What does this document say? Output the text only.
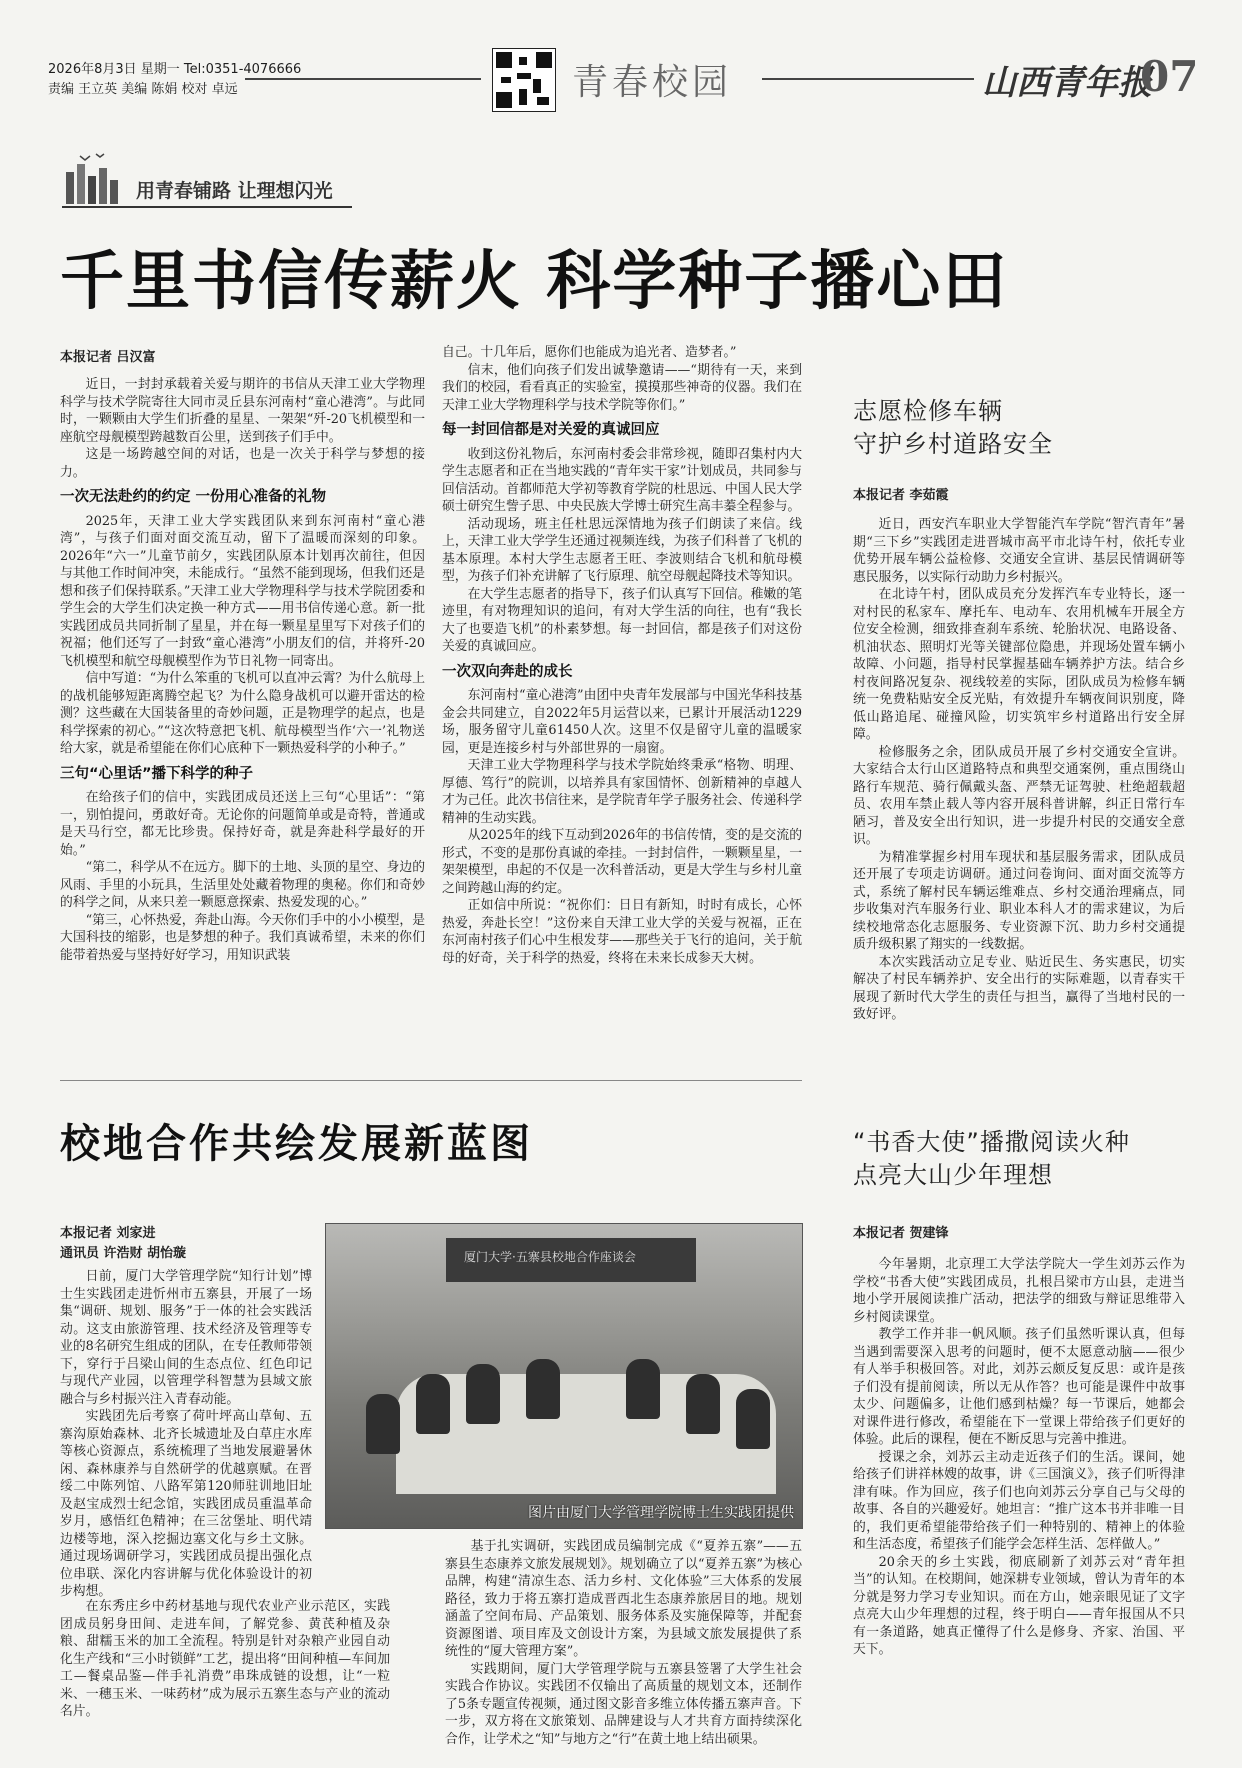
2026年8月3日 星期一 Tel:0351-4076666
责编 王立英 美编 陈娟 校对 卓远	青春校园	山西青年报
07
用青春铺路 让理想闪光
千里书信传薪火 科学种子播心田
本报记者 吕汉富

近日，一封封承载着关爱与期许的书信从天津工业大学物理科学与技术学院寄往大同市灵丘县东河南村“童心港湾”。与此同时，一颗颗由大学生们折叠的星星、一架架“歼-20飞机模型和一座航空母舰模型跨越数百公里，送到孩子们手中。

这是一场跨越空间的对话，也是一次关于科学与梦想的接力。

一次无法赴约的约定 一份用心准备的礼物

2025年，天津工业大学实践团队来到东河南村“童心港湾”，与孩子们面对面交流互动，留下了温暖而深刻的印象。2026年“六一”儿童节前夕，实践团队原本计划再次前往，但因与其他工作时间冲突，未能成行。“虽然不能到现场，但我们还是想和孩子们保持联系。”天津工业大学物理科学与技术学院团委和学生会的大学生们决定换一种方式——用书信传递心意。新一批实践团成员共同折制了星星，并在每一颗星星里写下对孩子们的祝福；他们还写了一封致“童心港湾”小朋友们的信，并将歼-20飞机模型和航空母舰模型作为节日礼物一同寄出。

信中写道：“为什么笨重的飞机可以直冲云霄？为什么航母上的战机能够短距离腾空起飞？为什么隐身战机可以避开雷达的检测？这些藏在大国装备里的奇妙问题，正是物理学的起点，也是科学探索的初心。”“这次特意把飞机、航母模型当作‘六一’礼物送给大家，就是希望能在你们心底种下一颗热爱科学的小种子。”

三句“心里话”播下科学的种子

在给孩子们的信中，实践团成员还送上三句“心里话”：“第一，别怕提问，勇敢好奇。无论你的问题简单或是奇特，普通或是天马行空，都无比珍贵。保持好奇，就是奔赴科学最好的开始。”

“第二，科学从不在远方。脚下的土地、头顶的星空、身边的风雨、手里的小玩具，生活里处处藏着物理的奥秘。你们和奇妙的科学之间，从来只差一颗愿意探索、热爱发现的心。”

“第三，心怀热爱，奔赴山海。今天你们手中的小小模型，是大国科技的缩影，也是梦想的种子。我们真诚希望，未来的你们能带着热爱与坚持好好学习，用知识武装

自己。十几年后，愿你们也能成为追光者、造梦者。”

信末，他们向孩子们发出诚挚邀请——“期待有一天，来到我们的校园，看看真正的实验室，摸摸那些神奇的仪器。我们在天津工业大学物理科学与技术学院等你们。”

每一封回信都是对关爱的真诚回应

收到这份礼物后，东河南村委会非常珍视，随即召集村内大学生志愿者和正在当地实践的“青年实干家”计划成员，共同参与回信活动。首都师范大学初等教育学院的杜思远、中国人民大学硕士研究生訾子思、中央民族大学博士研究生高丰蓁全程参与。

活动现场，班主任杜思远深情地为孩子们朗读了来信。线上，天津工业大学学生还通过视频连线，为孩子们科普了飞机的基本原理。本村大学生志愿者王旺、李波则结合飞机和航母模型，为孩子们补充讲解了飞行原理、航空母舰起降技术等知识。

在大学生志愿者的指导下，孩子们认真写下回信。稚嫩的笔迹里，有对物理知识的追问，有对大学生活的向往，也有“我长大了也要造飞机”的朴素梦想。每一封回信，都是孩子们对这份关爱的真诚回应。

一次双向奔赴的成长

东河南村“童心港湾”由团中央青年发展部与中国光华科技基金会共同建立，自2022年5月运营以来，已累计开展活动1229场，服务留守儿童61450人次。这里不仅是留守儿童的温暖家园，更是连接乡村与外部世界的一扇窗。

天津工业大学物理科学与技术学院始终秉承“格物、明理、厚德、笃行”的院训，以培养具有家国情怀、创新精神的卓越人才为己任。此次书信往来，是学院青年学子服务社会、传递科学精神的生动实践。

从2025年的线下互动到2026年的书信传情，变的是交流的形式，不变的是那份真诚的牵挂。一封封信件，一颗颗星星，一架架模型，串起的不仅是一次科普活动，更是大学生与乡村儿童之间跨越山海的约定。

正如信中所说：“祝你们：日日有新知，时时有成长，心怀热爱，奔赴长空！”这份来自天津工业大学的关爱与祝福，正在东河南村孩子们心中生根发芽——那些关于飞行的追问，关于航母的好奇，关于科学的热爱，终将在未来长成参天大树。

志愿检修车辆
守护乡村道路安全
本报记者 李茹霞

近日，西安汽车职业大学智能汽车学院“智汽青年”暑期“三下乡”实践团走进晋城市高平市北诗午村，依托专业优势开展车辆公益检修、交通安全宣讲、基层民情调研等惠民服务，以实际行动助力乡村振兴。

在北诗午村，团队成员充分发挥汽车专业特长，逐一对村民的私家车、摩托车、电动车、农用机械车开展全方位安全检测，细致排查刹车系统、轮胎状况、电路设备、机油状态、照明灯光等关键部位隐患，并现场处置车辆小故障、小问题，指导村民掌握基础车辆养护方法。结合乡村夜间路况复杂、视线较差的实际，团队成员为检修车辆统一免费粘贴安全反光贴，有效提升车辆夜间识别度，降低山路追尾、碰撞风险，切实筑牢乡村道路出行安全屏障。

检修服务之余，团队成员开展了乡村交通安全宣讲。大家结合太行山区道路特点和典型交通案例，重点围绕山路行车规范、骑行佩戴头盔、严禁无证驾驶、杜绝超载超员、农用车禁止载人等内容开展科普讲解，纠正日常行车陋习，普及安全出行知识，进一步提升村民的交通安全意识。

为精准掌握乡村用车现状和基层服务需求，团队成员还开展了专项走访调研。通过问卷询问、面对面交流等方式，系统了解村民车辆运维难点、乡村交通治理痛点，同步收集对汽车服务行业、职业本科人才的需求建议，为后续校地常态化志愿服务、专业资源下沉、助力乡村交通提质升级积累了翔实的一线数据。

本次实践活动立足专业、贴近民生、务实惠民，切实解决了村民车辆养护、安全出行的实际难题，以青春实干展现了新时代大学生的责任与担当，赢得了当地村民的一致好评。

校地合作共绘发展新蓝图
本报记者 刘家进
通讯员 许浩财 胡怡璇	厦门大学·五寨县校地合作座谈会
图片由厦门大学管理学院博士生实践团提供

日前，厦门大学管理学院“知行计划”博士生实践团走进忻州市五寨县，开展了一场集“调研、规划、服务”于一体的社会实践活动。这支由旅游管理、技术经济及管理等专业的8名研究生组成的团队，在专任教师带领下，穿行于吕梁山间的生态点位、红色印记与现代产业园，以管理学科智慧为县域文旅融合与乡村振兴注入青春动能。

实践团先后考察了荷叶坪高山草甸、五寨沟原始森林、北齐长城遗址及白草庄水库等核心资源点，系统梳理了当地发展避暑休闲、森林康养与自然研学的优越禀赋。在晋绥二中陈列馆、八路军第120师驻训地旧址及赵宝成烈士纪念馆，实践团成员重温革命岁月，感悟红色精神；在三岔堡址、明代靖边楼等地，深入挖掘边塞文化与乡土文脉。通过现场调研学习，实践团成员提出强化点位串联、深化内容讲解与优化体验设计的初步构想。

在东秀庄乡中药材基地与现代农业产业示范区，实践团成员躬身田间、走进车间，了解党参、黄芪种植及杂粮、甜糯玉米的加工全流程。特别是针对杂粮产业园自动化生产线和“三小时锁鲜”工艺，提出将“田间种植—车间加工—餐桌品鉴—伴手礼消费”串珠成链的设想，让“一粒米、一穗玉米、一味药材”成为展示五寨生态与产业的流动名片。

基于扎实调研，实践团成员编制完成《“夏养五寨”——五寨县生态康养文旅发展规划》。规划确立了以“夏养五寨”为核心品牌，构建“清凉生态、活力乡村、文化体验”三大体系的发展路径，致力于将五寨打造成晋西北生态康养旅居目的地。规划涵盖了空间布局、产品策划、服务体系及实施保障等，并配套资源图谱、项目库及文创设计方案，为县域文旅发展提供了系统性的“厦大管理方案”。

实践期间，厦门大学管理学院与五寨县签署了大学生社会实践合作协议。实践团不仅输出了高质量的规划文本，还制作了5条专题宣传视频，通过图文影音多维立体传播五寨声音。下一步，双方将在文旅策划、品牌建设与人才共育方面持续深化合作，让学术之“知”与地方之“行”在黄土地上结出硕果。

“书香大使”播撒阅读火种
点亮大山少年理想
本报记者 贺建锋

今年暑期，北京理工大学法学院大一学生刘苏云作为学校“书香大使”实践团成员，扎根吕梁市方山县，走进当地小学开展阅读推广活动，把法学的细致与辩证思维带入乡村阅读课堂。

教学工作并非一帆风顺。孩子们虽然听课认真，但每当遇到需要深入思考的问题时，便不太愿意动脑——很少有人举手积极回答。对此，刘苏云颇反复反思：或许是孩子们没有提前阅读，所以无从作答？也可能是课件中故事太少、问题偏多，让他们感到枯燥？每一节课后，她都会对课件进行修改，希望能在下一堂课上带给孩子们更好的体验。此后的课程，便在不断反思与完善中推进。

授课之余，刘苏云主动走近孩子们的生活。课间，她给孩子们讲祥林嫂的故事，讲《三国演义》，孩子们听得津津有味。作为回应，孩子们也向刘苏云分享自己与父母的故事、各自的兴趣爱好。她坦言：“推广这本书并非唯一目的，我们更希望能带给孩子们一种特别的、精神上的体验和生活态度，希望孩子们能学会怎样生活、怎样做人。”

20余天的乡土实践，彻底刷新了刘苏云对“青年担当”的认知。在校期间，她深耕专业领域，曾认为青年的本分就是努力学习专业知识。而在方山，她亲眼见证了文字点亮大山少年理想的过程，终于明白——青年报国从不只有一条道路，她真正懂得了什么是修身、齐家、治国、平天下。
